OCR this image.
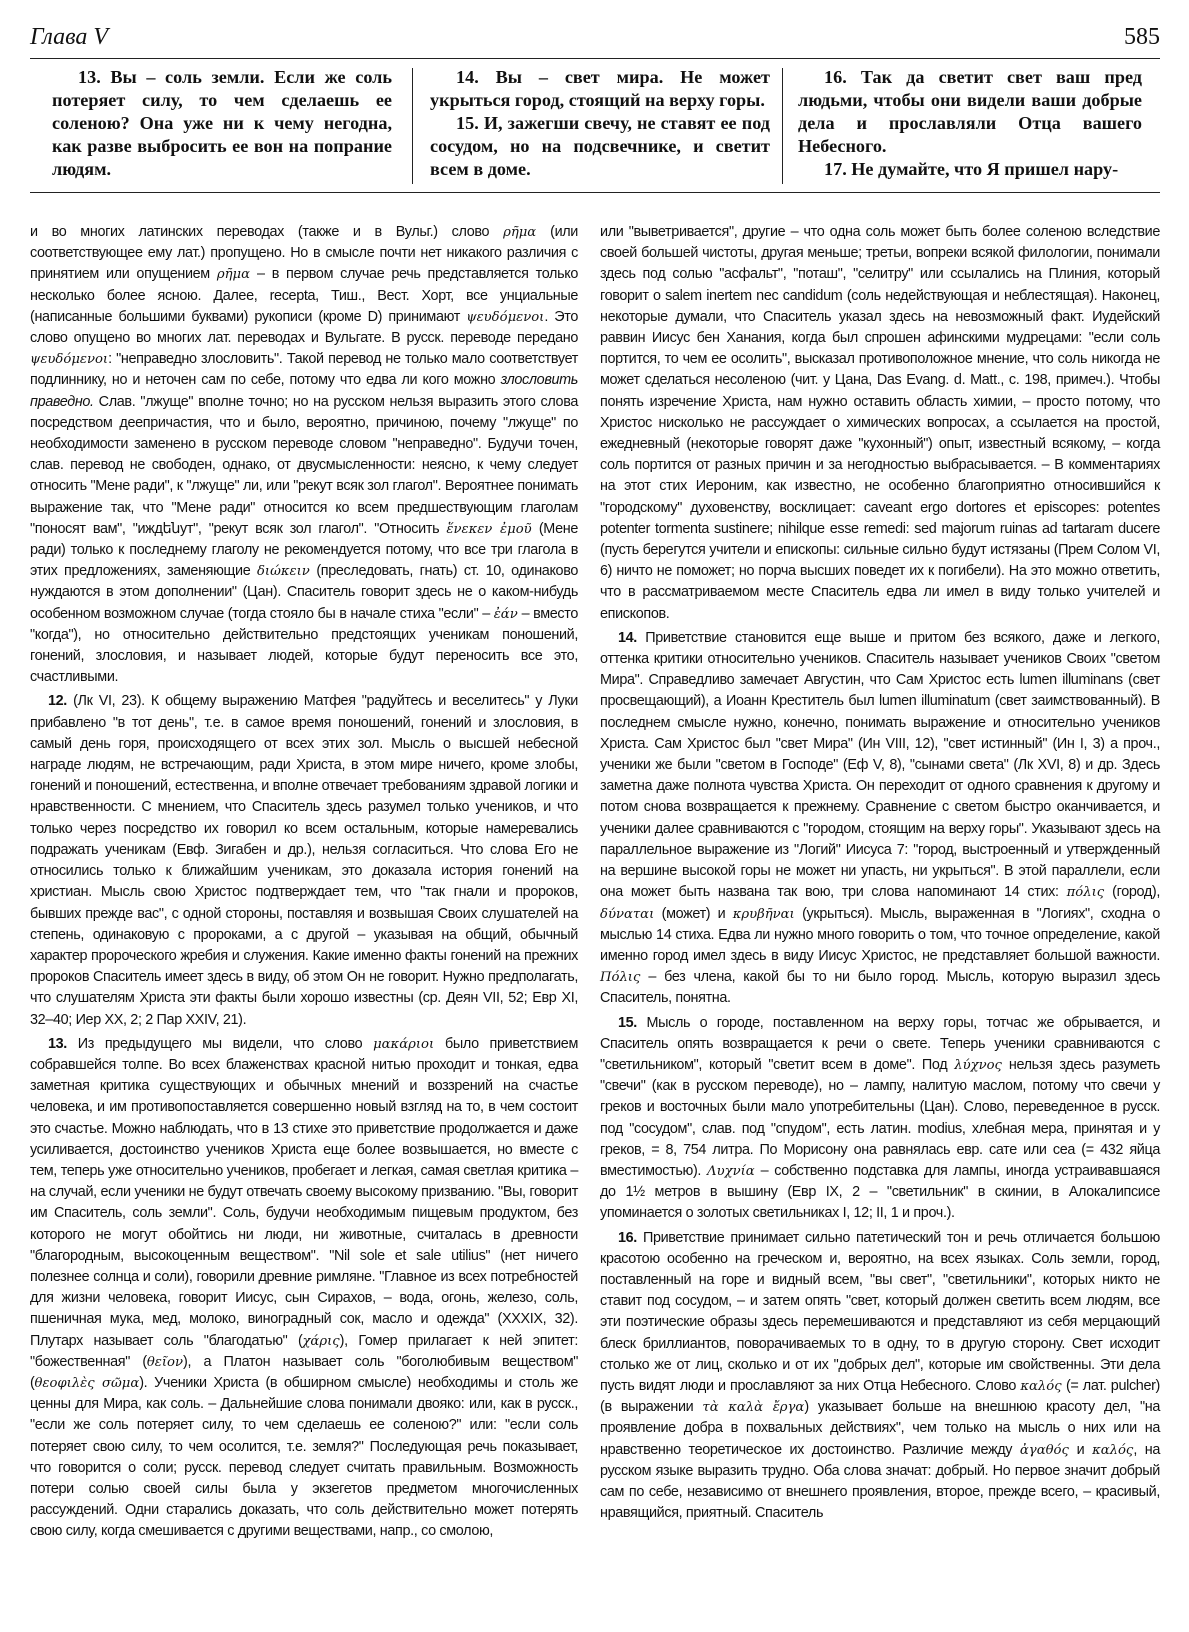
Глава V	585

13. Вы – соль земли. Если же соль потеряет силу, то чем сделаешь ее соленою? Она уже ни к чему негодна, как разве выбросить ее вон на попрание людям.

14. Вы – свет мира. Не может укрыться город, стоящий на верху горы.

15. И, зажегши свечу, не ставят ее под сосудом, но на подсвечнике, и светит всем в доме.

16. Так да светит свет ваш пред людьми, чтобы они видели ваши добрые дела и прославляли Отца вашего Небесного.

17. Не думайте, что Я пришел нару-

и во многих латинских переводах (также и в Вульг.) слово ρῆμα (или соответствующее ему лат.) пропущено. Но в смысле почти нет никакого различия с принятием или опущением ρῆμα – в первом случае речь представляется только несколько более ясною. Далее, receptа, Тиш., Вест. Хорт, все унциальные (написанные большими буквами) рукописи (кроме D) принимают ψευδόμενοι. Это слово опущено во многих лат. переводах и Вульгате. В русск. переводе передано ψευδόμενοι: "неправедно злословить". Такой перевод не только мало соответствует подлиннику, но и неточен сам по себе, потому что едва ли кого можно злословить праведно. Слав. "лжуще" вполне точно; но на русском нельзя выразить этого слова посредством деепричастия, что и было, вероятно, причиною, почему "лжуще" по необходимости заменено в русском переводе словом "неправедно". Будучи точен, слав. перевод не свободен, однако, от двусмысленности: неясно, к чему следует относить "Мене ради", к "лжуще" ли, или "рекут всяк зол глагол". Вероятнее понимать выражение так, что "Мене ради" относится ко всем предшествующим глаголам "поносят вам", "иждենут", "рекут всяк зол глагол". "Относить ἕνεκεν ἐμοῦ (Мене ради) только к последнему глаголу не рекомендуется потому, что все три глагола в этих предложениях, заменяющие διώκειν (преследовать, гнать) ст. 10, одинаково нуждаются в этом дополнении" (Цан). Спаситель говорит здесь не о каком-нибудь особенном возможном случае (тогда стояло бы в начале стиха "если" – ἐάν – вместо "когда"), но относительно действительно предстоящих ученикам поношений, гонений, злословия, и называет людей, которые будут переносить все это, счастливыми.

12. (Лк VI, 23). К общему выражению Матфея "радуйтесь и веселитесь" у Луки прибавлено "в тот день", т.е. в самое время поношений, гонений и злословия, в самый день горя, происходящего от всех этих зол. Мысль о высшей небесной награде людям, не встречающим, ради Христа, в этом мире ничего, кроме злобы, гонений и поношений, естественна, и вполне отвечает требованиям здравой логики и нравственности. С мнением, что Спаситель здесь разумел только учеников, и что только через посредство их говорил ко всем остальным, которые намеревались подражать ученикам (Евф. Зигабен и др.), нельзя согласиться. Что слова Его не относились только к ближайшим ученикам, это доказала история гонений на христиан. Мысль свою Христос подтверждает тем, что "так гнали и пророков, бывших прежде вас", с одной стороны, поставляя и возвышая Своих слушателей на степень, одинаковую с пророками, а с другой – указывая на общий, обычный характер пророческого жребия и служения. Какие именно факты гонений на прежних пророков Спаситель имеет здесь в виду, об этом Он не говорит. Нужно предполагать, что слушателям Христа эти факты были хорошо известны (ср. Деян VII, 52; Евр XI, 32–40; Иер XX, 2; 2 Пар XXIV, 21).

13. Из предыдущего мы видели, что слово μακάριοι было приветствием собравшейся толпе. Во всех блаженствах красной нитью проходит и тонкая, едва заметная критика существующих и обычных мнений и воззрений на счастье человека, и им противопоставляется совершенно новый взгляд на то, в чем состоит это счастье. Можно наблюдать, что в 13 стихе это приветствие продолжается и даже усиливается, достоинство учеников Христа еще более возвышается, но вместе с тем, теперь уже относительно учеников, пробегает и легкая, самая светлая критика – на случай, если ученики не будут отвечать своему высокому призванию. "Вы, говорит им Спаситель, соль земли". Соль, будучи необходимым пищевым продуктом, без которого не могут обойтись ни люди, ни животные, считалась в древности "благородным, высокоценным веществом". "Nil sole et sale utilius" (нет ничего полезнее солнца и соли), говорили древние римляне. "Главное из всех потребностей для жизни человека, говорит Иисус, сын Сирахов, – вода, огонь, железо, соль, пшеничная мука, мед, молоко, виноградный сок, масло и одежда" (XXXIX, 32). Плутарх называет соль "благодатью" (χάρις), Гомер прилагает к ней эпитет: "божественная" (θεῖον), а Платон называет соль "боголюбивым веществом" (θεοφιλὲς σῶμα). Ученики Христа (в обширном смысле) необходимы и столь же ценны для Мира, как соль. – Дальнейшие слова понимали двояко: или, как в русск., "если же соль потеряет силу, то чем сделаешь ее соленою?" или: "если соль потеряет свою силу, то чем осолится, т.е. земля?" Последующая речь показывает, что говорится о соли; русск. перевод следует считать правильным. Возможность потери солью своей силы была у экзегетов предметом многочисленных рассуждений. Одни старались доказать, что соль действительно может потерять свою силу, когда смешивается с другими веществами, напр., со смолою,

или "выветривается", другие – что одна соль может быть более соленою вследствие своей большей чистоты, другая меньше; третьи, вопреки всякой филологии, понимали здесь под солью "асфальт", "поташ", "селитру" или ссылались на Плиния, который говорит о salem inertem nec candidum (соль недействующая и неблестящая). Наконец, некоторые думали, что Спаситель указал здесь на невозможный факт. Иудейский раввин Иисус бен Ханания, когда был спрошен афинскими мудрецами: "если соль портится, то чем ее осолить", высказал противоположное мнение, что соль никогда не может сделаться несоленою (чит. у Цана, Das Evang. d. Matt., с. 198, примеч.). Чтобы понять изречение Христа, нам нужно оставить область химии, – просто потому, что Христос нисколько не рассуждает о химических вопросах, а ссылается на простой, ежедневный (некоторые говорят даже "кухонный") опыт, известный всякому, – когда соль портится от разных причин и за негодностью выбрасывается. – В комментариях на этот стих Иероним, как известно, не особенно благоприятно относившийся к "городскому" духовенству, восклицает: caveant ergo dortores et episcopes: potentes potenter tormenta sustinere; nihilque esse remedi: sed majorum ruinas ad tartaram ducere (пусть берегутся учители и епископы: сильные сильно будут истязаны (Прем Солом VI, 6) ничто не поможет; но порча высших поведет их к погибели). На это можно ответить, что в рассматриваемом месте Спаситель едва ли имел в виду только учителей и епископов.

14. Приветствие становится еще выше и притом без всякого, даже и легкого, оттенка критики относительно учеников. Спаситель называет учеников Своих "светом Мира". Справедливо замечает Августин, что Сам Христос есть lumen illuminans (свет просвещающий), а Иоанн Креститель был lumen illuminatum (свет заимствованный). В последнем смысле нужно, конечно, понимать выражение и относительно учеников Христа. Сам Христос был "свет Мира" (Ин VIII, 12), "свет истинный" (Ин I, 3) а проч., ученики же были "светом в Господе" (Еф V, 8), "сынами света" (Лк XVI, 8) и др. Здесь заметна даже полнота чувства Христа. Он переходит от одного сравнения к другому и потом снова возвращается к прежнему. Сравнение с светом быстро оканчивается, и ученики далее сравниваются с "городом, стоящим на верху горы". Указывают здесь на параллельное выражение из "Логий" Иисуса 7: "город, выстроенный и утвержденный на вершине высокой горы не может ни упасть, ни укрыться". В этой параллели, если она может быть названа так вою, три слова напоминают 14 стих: πόλις (город), δύναται (может) и κρυβῆναι (укрыться). Мысль, выраженная в "Логиях", сходна о мыслью 14 стиха. Едва ли нужно много говорить о том, что точное определение, какой именно город имел здесь в виду Иисус Христос, не представляет большой важности. Πόλις – без члена, какой бы то ни было город. Мысль, которую выразил здесь Спаситель, понятна.

15. Мысль о городе, поставленном на верху горы, тотчас же обрывается, и Спаситель опять возвращается к речи о свете. Теперь ученики сравниваются с "светильником", который "светит всем в доме". Под λύχνος нельзя здесь разуметь "свечи" (как в русском переводе), но – лампу, налитую маслом, потому что свечи у греков и восточных были мало употребительны (Цан). Слово, переведенное в русск. под "сосудом", слав. под "спудом", есть латин. modius, хлебная мера, принятая и у греков, = 8, 754 литра. По Морисону она равнялась евр. сате или сеа (= 432 яйца вместимостью). Λυχνία – собственно подставка для лампы, иногда устраивавшаяся до 1½ метров в вышину (Евр IX, 2 – "светильник" в скинии, в Алокалипсисе упоминается о золотых светильниках I, 12; II, 1 и проч.).

16. Приветствие принимает сильно патетический тон и речь отличается большою красотою особенно на греческом и, вероятно, на всех языках. Соль земли, город, поставленный на горе и видный всем, "вы свет", "светильники", которых никто не ставит под сосудом, – и затем опять "свет, который должен светить всем людям, все эти поэтические образы здесь перемешиваются и представляют из себя мерцающий блеск бриллиантов, поворачиваемых то в одну, то в другую сторону. Свет исходит столько же от лиц, сколько и от их "добрых дел", которые им свойственны. Эти дела пусть видят люди и прославляют за них Отца Небесного. Слово καλός (= лат. pulcher) (в выражении τὰ καλὰ ἔργα) указывает больше на внешнюю красоту дел, "на проявление добра в похвальных действиях", чем только на мысль о них или на нравственно теоретическое их достоинство. Различие между ἀγαθός и καλός, на русском языке выразить трудно. Оба слова значат: добрый. Но первое значит добрый сам по себе, независимо от внешнего проявления, второе, прежде всего, – красивый, нравящийся, приятный. Спаситель
